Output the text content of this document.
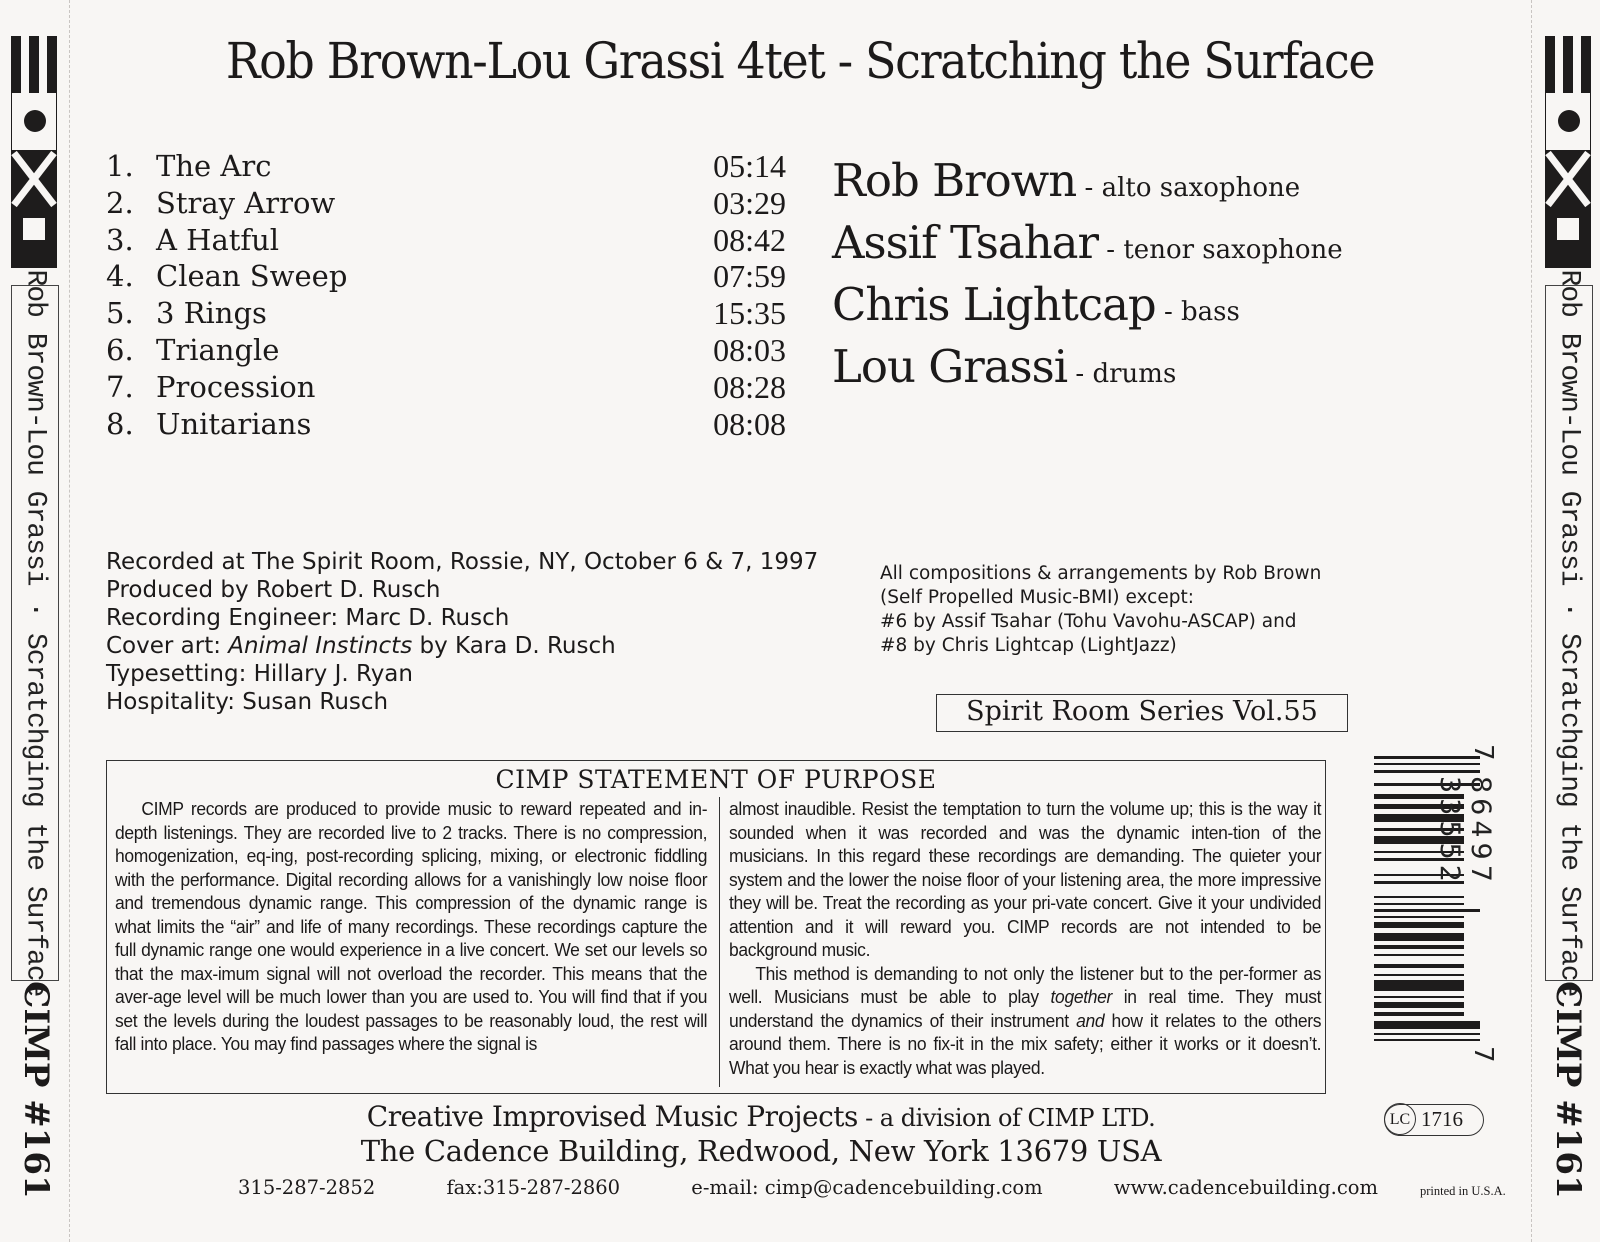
Rob Brown-Lou Grassi · Scratchging the Surface
CIMP #161
Rob Brown-Lou Grassi · Scratchging the Surface
CIMP #161
Rob Brown-Lou Grassi 4tet - Scratching the Surface
1. The Arc	05:14
2. Stray Arrow	03:29
3. A Hatful	08:42
4. Clean Sweep	07:59
5. 3 Rings	15:35
6. Triangle	08:03
7. Procession	08:28
8. Unitarians	08:08
Rob Brown - alto saxophone
Assif Tsahar - tenor saxophone
Chris Lightcap - bass
Lou Grassi - drums
Recorded at The Spirit Room, Rossie, NY, October 6 & 7, 1997
Produced by Robert D. Rusch
Recording Engineer: Marc D. Rusch
Cover art: Animal Instincts by Kara D. Rusch
Typesetting: Hillary J. Ryan
Hospitality: Susan Rusch
All compositions & arrangements by Rob Brown
(Self Propelled Music-BMI) except:
#6 by Assif Tsahar (Tohu Vavohu-ASCAP) and
#8 by Chris Lightcap (LightJazz)
Spirit Room Series Vol.55
CIMP STATEMENT OF PURPOSE

CIMP records are produced to provide music to reward repeated and in-depth listenings. They are recorded live to 2 tracks. There is no compression, homogenization, eq-ing, post-recording splicing, mixing, or electronic fiddling with the performance. Digital recording allows for a vanishingly low noise floor and tremendous dynamic range. This compression of the dynamic range is what limits the “air” and life of many recordings. These recordings capture the full dynamic range one would experience in a live concert. We set our levels so that the max-imum signal will not overload the recorder. This means that the aver-age level will be much lower than you are used to. You will find that if you set the levels during the loudest passages to be reasonably loud, the rest will fall into place. You may find passages where the signal is

almost inaudible. Resist the temptation to turn the volume up; this is the way it sounded when it was recorded and was the dynamic inten-tion of the musicians. In this regard these recordings are demanding. The quieter your system and the lower the noise floor of your listening area, the more impressive they will be. Treat the recording as your pri-vate concert. Give it your undivided attention and it will reward you. CIMP records are not intended to be background music.

This method is demanding to not only the listener but to the per-former as well. Musicians must be able to play together in real time. They must understand the dynamics of their instrument and how it relates to the others around them. There is no fix-it in the mix safety; either it works or it doesn’t. What you hear is exactly what was played.

7
86497 33552
7
LC 1716
Creative Improvised Music Projects - a division of CIMP LTD.
The Cadence Building, Redwood, New York 13679 USA
315-287-2852	fax:315-287-2860	e-mail: cimp@cadencebuilding.com	www.cadencebuilding.com	printed in U.S.A.
